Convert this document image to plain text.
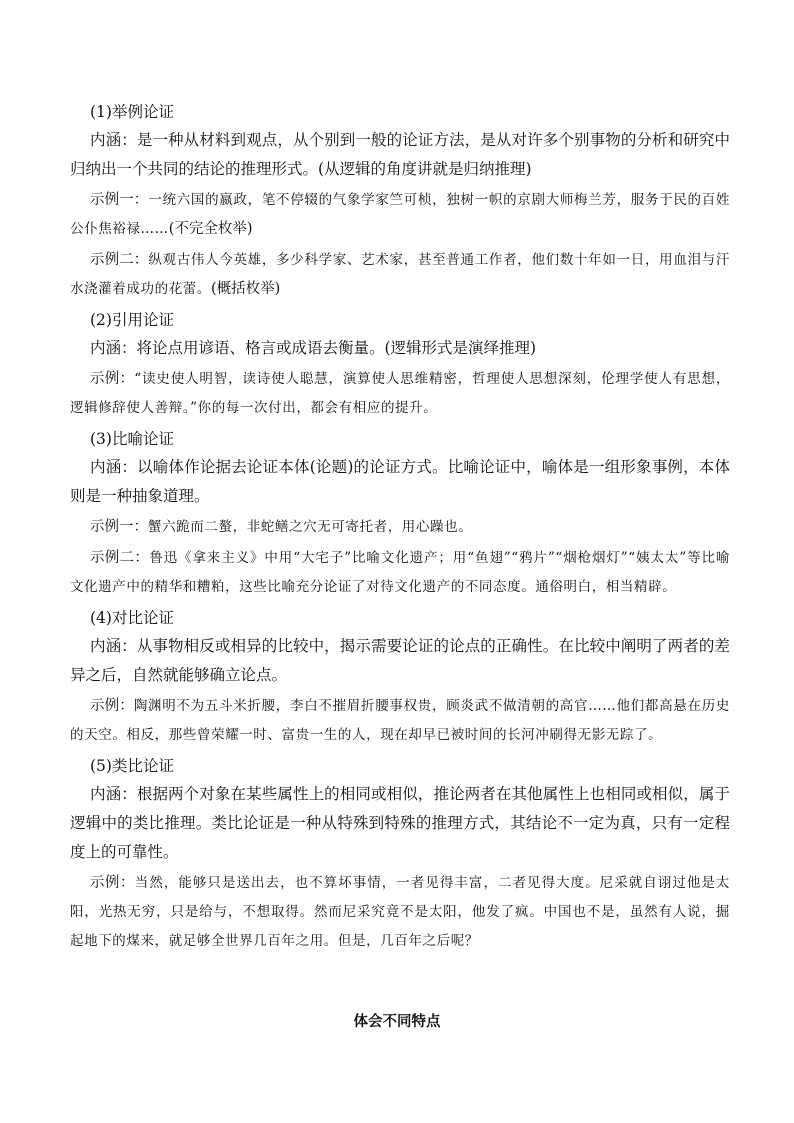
(1)举例论证

内涵：是一种从材料到观点，从个别到一般的论证方法，是从对许多个别事物的分析和研究中归纳出一个共同的结论的推理形式。(从逻辑的角度讲就是归纳推理)

示例一：一统六国的嬴政，笔不停辍的气象学家竺可桢，独树一帜的京剧大师梅兰芳，服务于民的百姓公仆焦裕禄……(不完全枚举)

示例二：纵观古伟人今英雄，多少科学家、艺术家，甚至普通工作者，他们数十年如一日，用血泪与汗水浇灌着成功的花蕾。(概括枚举)

(2)引用论证

内涵：将论点用谚语、格言或成语去衡量。(逻辑形式是演绎推理)

示例：“读史使人明智，读诗使人聪慧，演算使人思维精密，哲理使人思想深刻，伦理学使人有思想，逻辑修辞使人善辩。”你的每一次付出，都会有相应的提升。

(3)比喻论证

内涵：以喻体作论据去论证本体(论题)的论证方式。比喻论证中，喻体是一组形象事例，本体则是一种抽象道理。

示例一：蟹六跪而二螯，非蛇鳝之穴无可寄托者，用心躁也。

示例二：鲁迅《拿来主义》中用“大宅子”比喻文化遗产；用“鱼翅”“鸦片”“烟枪烟灯”“姨太太”等比喻文化遗产中的精华和糟粕，这些比喻充分论证了对待文化遗产的不同态度。通俗明白，相当精辟。

(4)对比论证

内涵：从事物相反或相异的比较中，揭示需要论证的论点的正确性。在比较中阐明了两者的差异之后，自然就能够确立论点。

示例：陶渊明不为五斗米折腰，李白不摧眉折腰事权贵，顾炎武不做清朝的高官……他们都高悬在历史的天空。相反，那些曾荣耀一时、富贵一生的人，现在却早已被时间的长河冲刷得无影无踪了。

(5)类比论证

内涵：根据两个对象在某些属性上的相同或相似，推论两者在其他属性上也相同或相似，属于逻辑中的类比推理。类比论证是一种从特殊到特殊的推理方式，其结论不一定为真，只有一定程度上的可靠性。

示例：当然，能够只是送出去，也不算坏事情，一者见得丰富，二者见得大度。尼采就自诩过他是太阳，光热无穷，只是给与，不想取得。然而尼采究竟不是太阳，他发了疯。中国也不是，虽然有人说，掘起地下的煤来，就足够全世界几百年之用。但是，几百年之后呢？

体会不同特点
